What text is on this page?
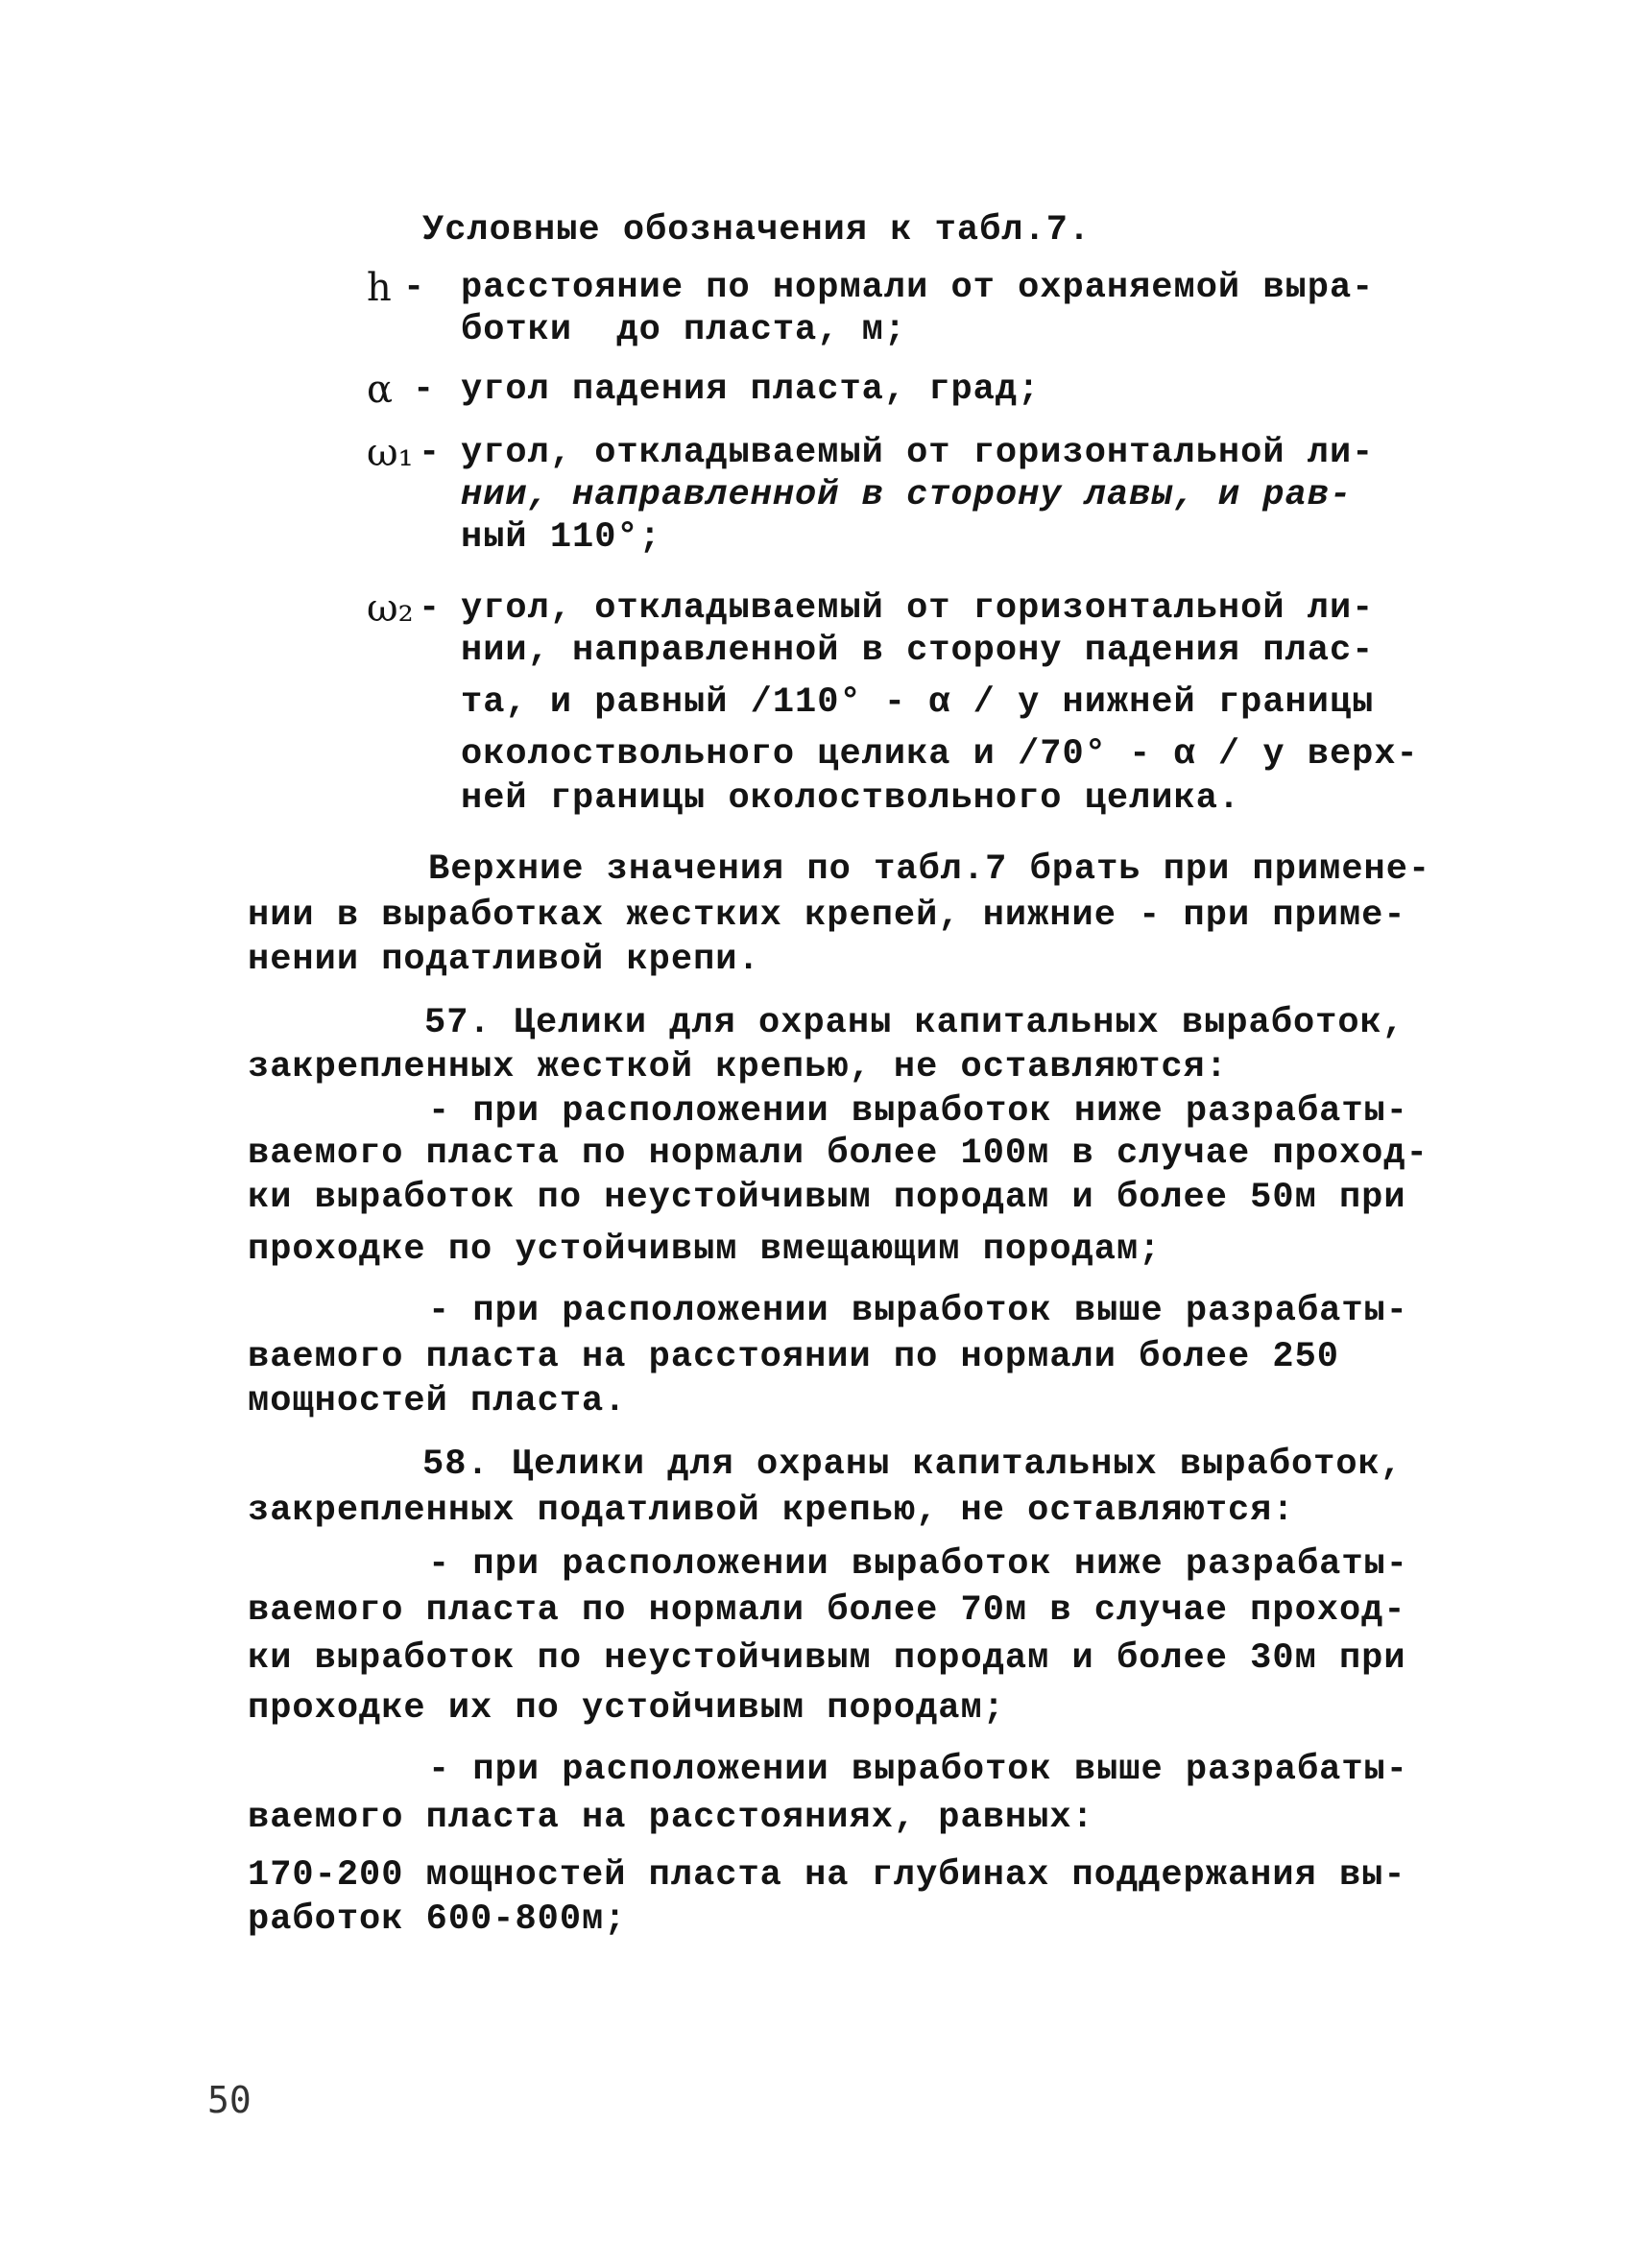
Условные обозначения к табл.7.
h - расстояние по нормали от охраняемой выра-
ботки  до пласта, м;
α - угол падения пласта, град;
ω₁ - угол, откладываемый от горизонтальной ли-
нии, направленной в сторону лавы, и рав-
ный 110°;
ω₂ - угол, откладываемый от горизонтальной ли-
нии, направленной в сторону падения плас-
та, и равный /110° - α / у нижней границы
околоствольного целика и /70° - α / у верх-
ней границы околоствольного целика.
Верхние значения по табл.7 брать при примене-
нии в выработках жестких крепей, нижние - при приме-
нении податливой крепи.
57. Целики для охраны капитальных выработок,
закрепленных жесткой крепью, не оставляются:
- при расположении выработок ниже разрабаты-
ваемого пласта по нормали более 100м в случае проход-
ки выработок по неустойчивым породам и более 50м при
проходке по устойчивым вмещающим породам;
- при расположении выработок выше разрабаты-
ваемого пласта на расстоянии по нормали более 250
мощностей пласта.
58. Целики для охраны капитальных выработок,
закрепленных податливой крепью, не оставляются:
- при расположении выработок ниже разрабаты-
ваемого пласта по нормали более 70м в случае проход-
ки выработок по неустойчивым породам и более 30м при
проходке их по устойчивым породам;
- при расположении выработок выше разрабаты-
ваемого пласта на расстояниях, равных:
170-200 мощностей пласта на глубинах поддержания вы-
работок 600-800м;
50
